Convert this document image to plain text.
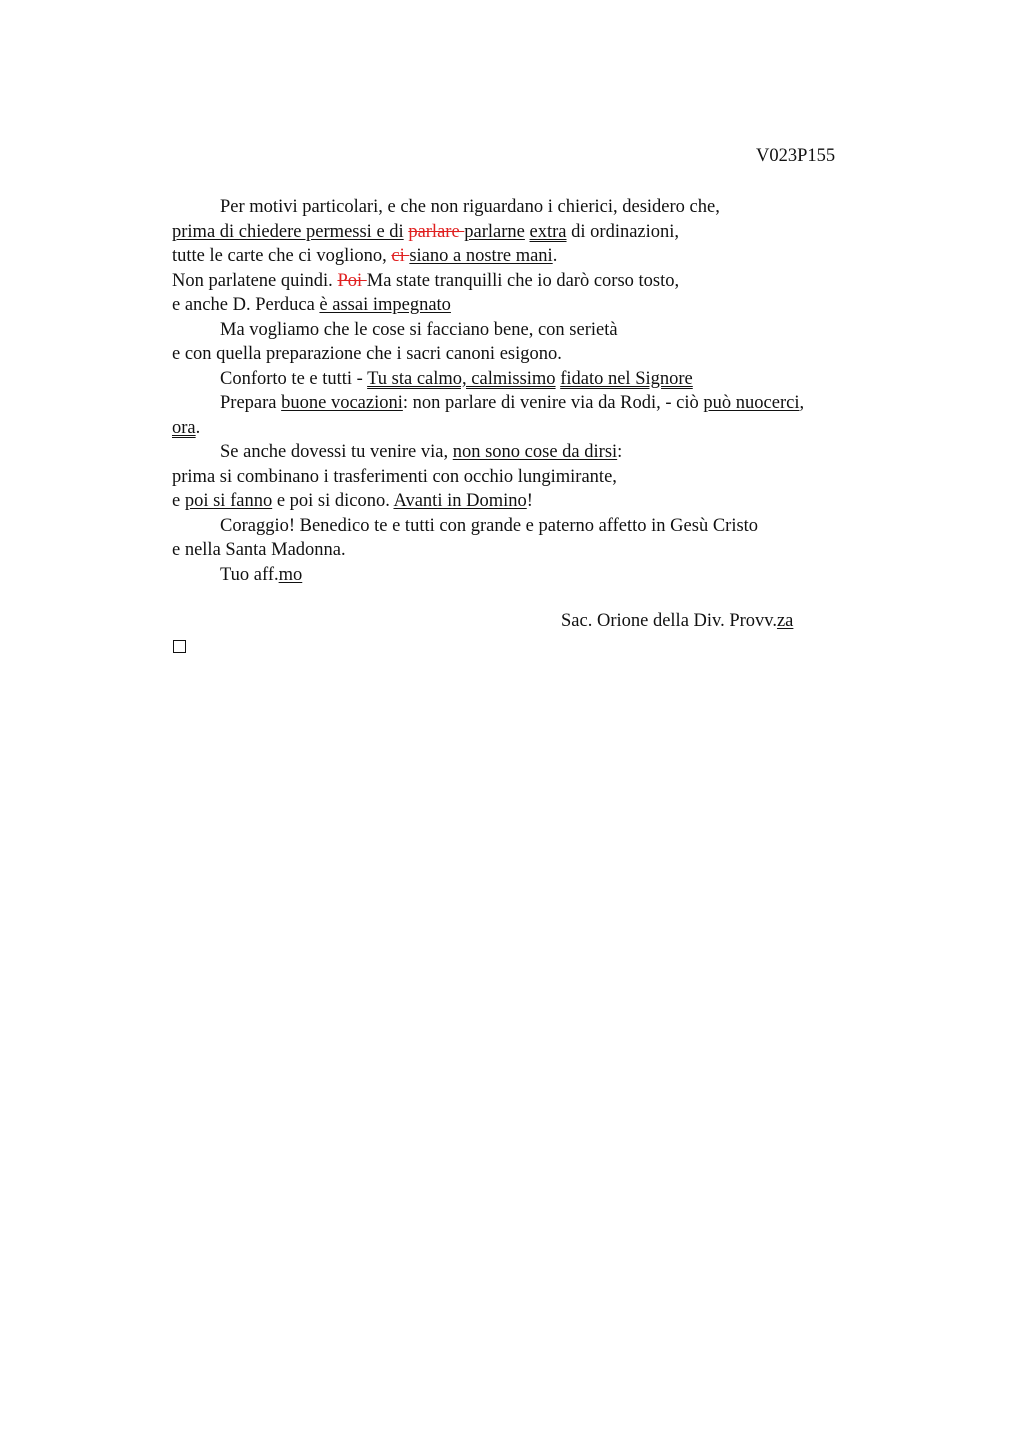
V023P155
Per motivi particolari, e che non riguardano i chierici, desidero che,
prima di chiedere permessi e di parlare parlarne extra di ordinazioni,
tutte le carte che ci vogliono, ci siano a nostre mani.
Non parlatene quindi. Poi Ma state tranquilli che io darò corso tosto,
e anche D. Perduca è assai impegnato
Ma vogliamo che le cose si facciano bene, con serietà
e con quella preparazione che i sacri canoni esigono.
Conforto te e tutti - Tu sta calmo, calmissimo fidato nel Signore
Prepara buone vocazioni: non parlare di venire via da Rodi, - ciò può nuocerci,
ora.
Se anche dovessi tu venire via, non sono cose da dirsi:
prima si combinano i trasferimenti con occhio lungimirante,
e poi si fanno e poi si dicono. Avanti in Domino!
Coraggio! Benedico te e tutti con grande e paterno affetto in Gesù Cristo
e nella Santa Madonna.
Tuo aff.mo
Sac. Orione della Div. Provv.za
